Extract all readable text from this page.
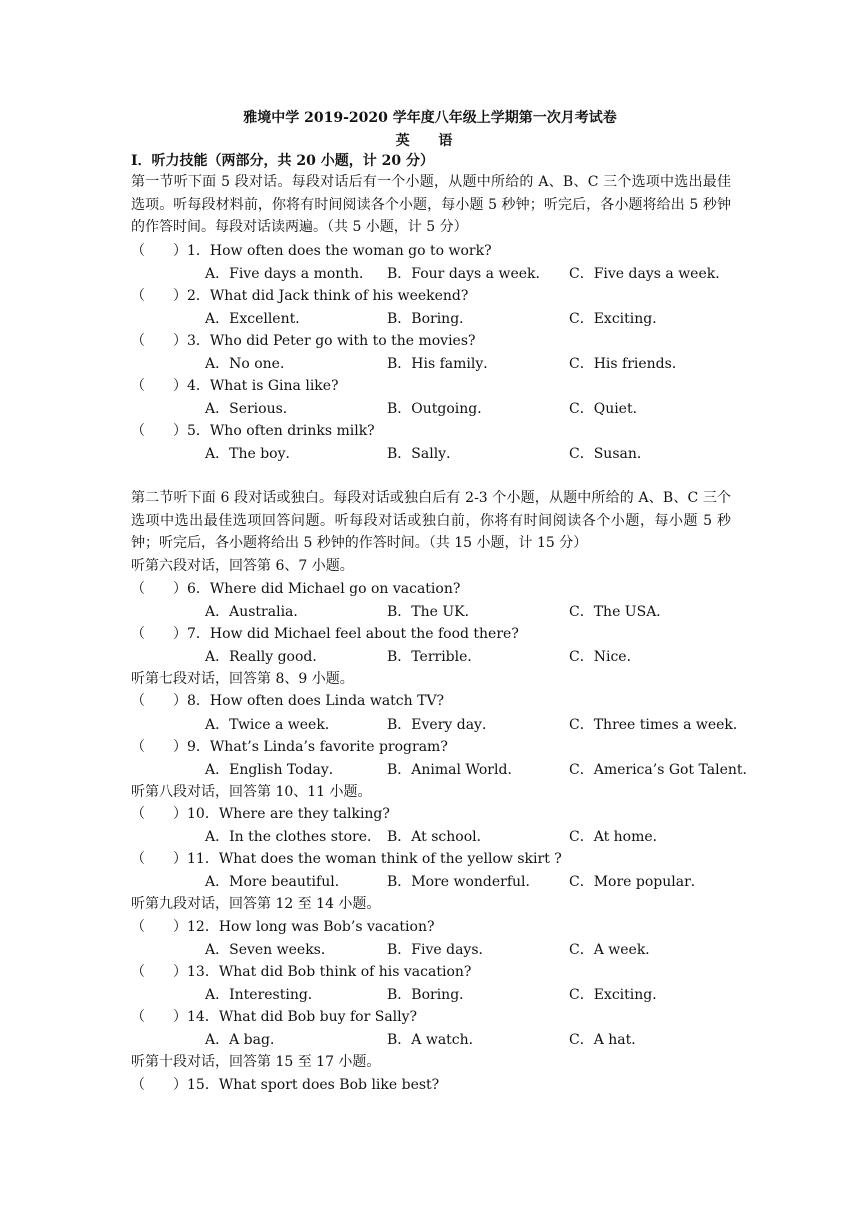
雅境中学 2019-2020 学年度八年级上学期第一次月考试卷
英 语
I．听力技能（两部分，共 20 小题，计 20 分）
第一节听下面 5 段对话。每段对话后有一个小题，从题中所给的 A、B、C 三个选项中选出最佳选项。听每段材料前，你将有时间阅读各个小题，每小题 5 秒钟；听完后，各小题将给出 5 秒钟的作答时间。每段对话读两遍。（共 5 小题，计 5 分）
（　　）1．How often does the woman go to work?
A．Five days a month． B．Four days a week． C．Five days a week．
（　　）2．What did Jack think of his weekend?
A．Excellent．	B．Boring．	C．Exciting．
（　　）3．Who did Peter go with to the movies?
A．No one．	B．His family．	C．His friends．
（　　）4．What is Gina like?
A．Serious．	B．Outgoing．	C．Quiet．
（　　）5．Who often drinks milk?
A．The boy．	B．Sally．	C．Susan．
第二节听下面 6 段对话或独白。每段对话或独白后有 2-3 个小题，从题中所给的 A、B、C 三个选项中选出最佳选项回答问题。听每段对话或独白前，你将有时间阅读各个小题，每小题 5 秒钟；听完后，各小题将给出 5 秒钟的作答时间。（共 15 小题，计 15 分）
听第六段对话，回答第 6、7 小题。
（　　）6．Where did Michael go on vacation?
A．Australia．	B．The UK．	C．The USA．
（　　）7．How did Michael feel about the food there?
A．Really good．	B．Terrible．	C．Nice．
听第七段对话，回答第 8、9 小题。
（　　）8．How often does Linda watch TV?
A．Twice a week．	B．Every day．	C．Three times a week．
（　　）9．What’s Linda’s favorite program?
A．English Today．	B．Animal World．	C．America’s Got Talent．
听第八段对话，回答第 10、11 小题。
（　　）10．Where are they talking?
A．In the clothes store． B．At school．	C．At home．
（　　）11．What does the woman think of the yellow skirt ?
A．More beautiful．	B．More wonderful． C．More popular．
听第九段对话，回答第 12 至 14 小题。
（　　）12．How long was Bob’s vacation?
A．Seven weeks．	B．Five days．	C．A week．
（　　）13．What did Bob think of his vacation?
A．Interesting．	B．Boring．	C．Exciting．
（　　）14．What did Bob buy for Sally?
A．A bag．	B．A watch．	C．A hat．
听第十段对话，回答第 15 至 17 小题。
（　　）15．What sport does Bob like best?
